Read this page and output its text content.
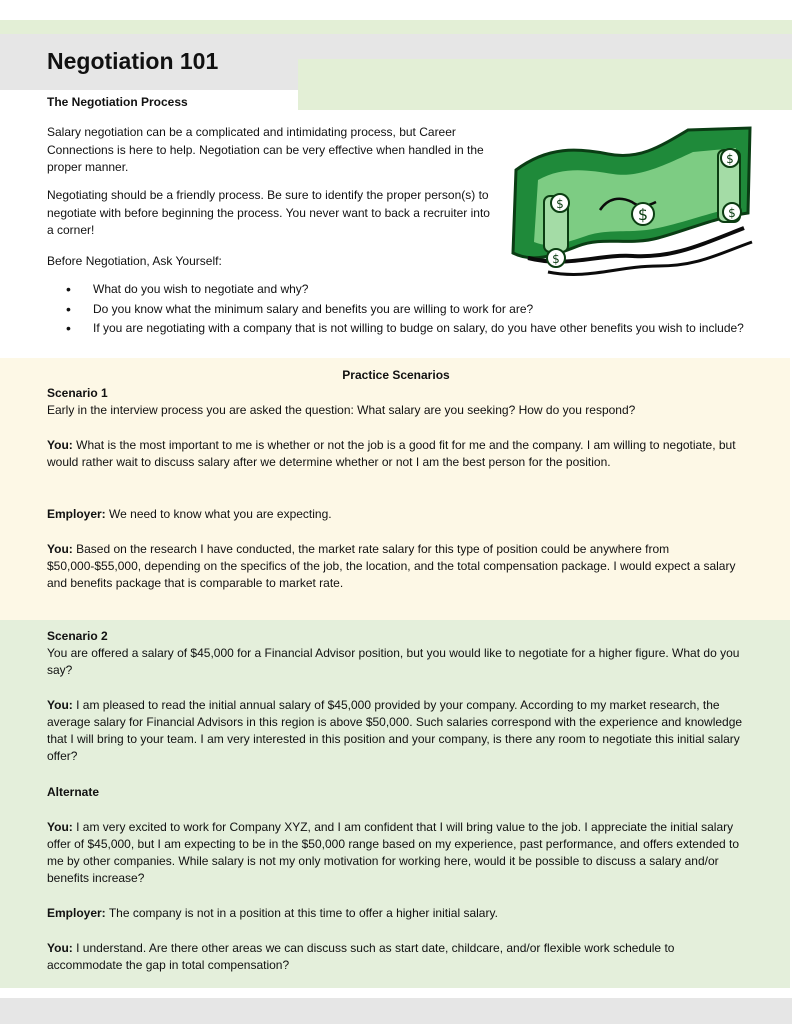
Negotiation 101
The Negotiation Process

Salary negotiation can be a complicated and intimidating process, but Career Connections is here to help. Negotiation can be very effective when handled in the proper manner.

Negotiating should be a friendly process. Be sure to identify the proper person(s) to negotiate with before beginning the process. You never want to back a recruiter into a corner!

Before Negotiation, Ask Yourself:

• What do you wish to negotiate and why?
• Do you know what the minimum salary and benefits you are willing to work for are?
• If you are negotiating with a company that is not willing to budge on salary, do you have other benefits you wish to include?
$
$
$
$
$

Practice Scenarios

Scenario 1

Early in the interview process you are asked the question: What salary are you seeking? How do you respond?

You: What is the most important to me is whether or not the job is a good fit for me and the company. I am willing to negotiate, but would rather wait to discuss salary after we determine whether or not I am the best person for the position.

Employer: We need to know what you are expecting.

You: Based on the research I have conducted, the market rate salary for this type of position could be anywhere from $50,000-$55,000, depending on the specifics of the job, the location, and the total compensation package. I would expect a salary and benefits package that is comparable to market rate.

Scenario 2

You are offered a salary of $45,000 for a Financial Advisor position, but you would like to negotiate for a higher figure. What do you say?

You: I am pleased to read the initial annual salary of $45,000 provided by your company. According to my market research, the average salary for Financial Advisors in this region is above $50,000. Such salaries correspond with the experience and knowledge that I will bring to your team. I am very interested in this position and your company, is there any room to negotiate this initial salary offer?

Alternate

You: I am very excited to work for Company XYZ, and I am confident that I will bring value to the job. I appreciate the initial salary offer of $45,000, but I am expecting to be in the $50,000 range based on my experience, past performance, and offers extended to me by other companies. While salary is not my only motivation for working here, would it be possible to discuss a salary and/or benefits increase?

Employer: The company is not in a position at this time to offer a higher initial salary.

You: I understand. Are there other areas we can discuss such as start date, childcare, and/or flexible work schedule to accommodate the gap in total compensation?
